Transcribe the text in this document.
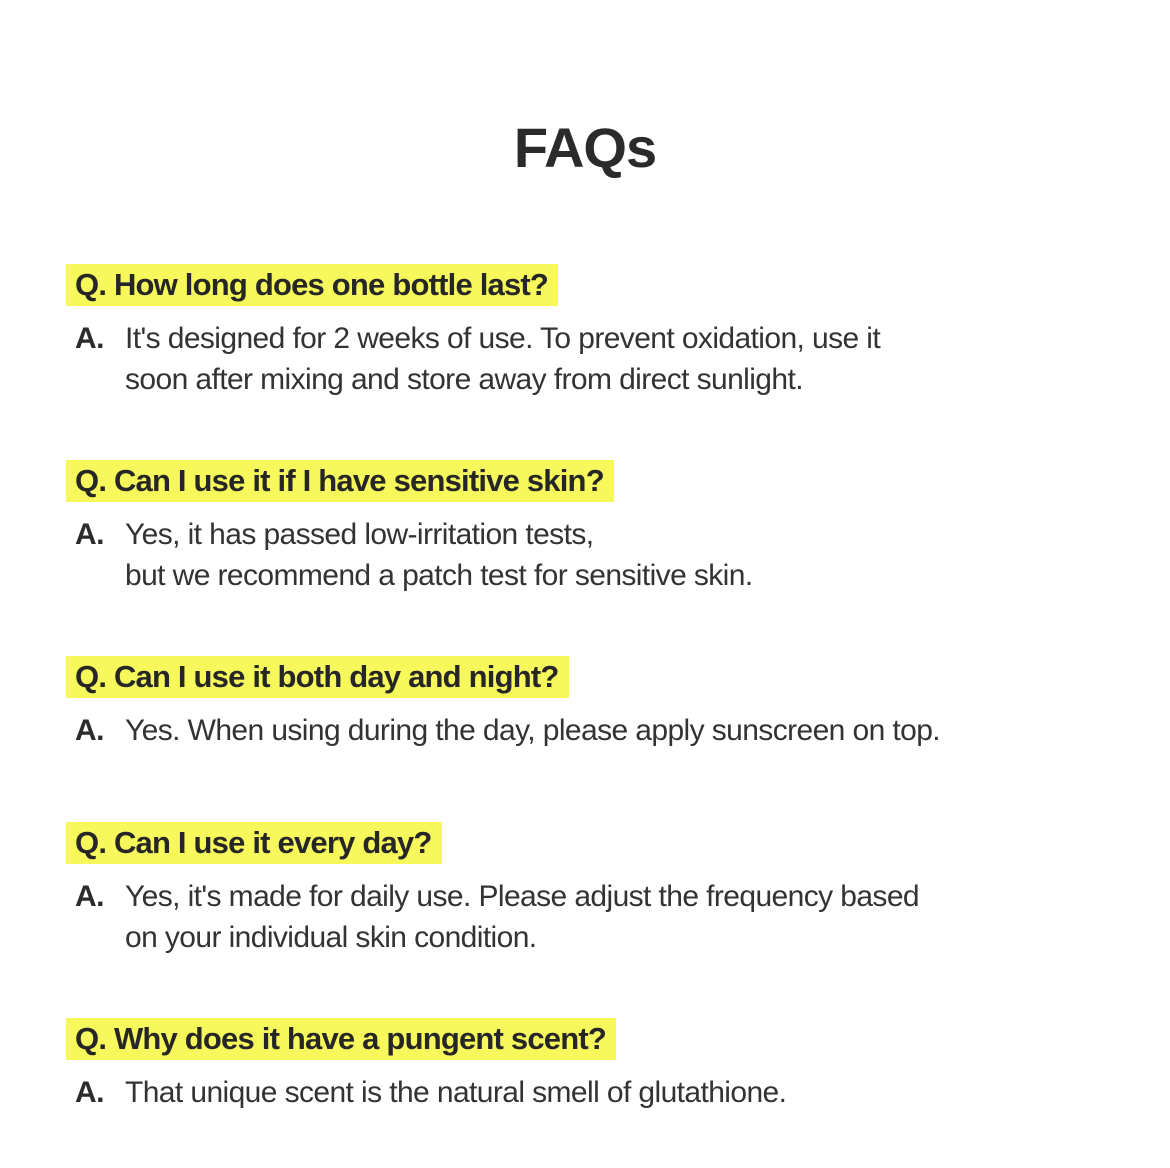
FAQs
Q. How long does one bottle last?
A. It's designed for 2 weeks of use. To prevent oxidation, use it
soon after mixing and store away from direct sunlight.
Q. Can I use it if I have sensitive skin?
A. Yes, it has passed low-irritation tests,
but we recommend a patch test for sensitive skin.
Q. Can I use it both day and night?
A. Yes. When using during the day, please apply sunscreen on top.
Q. Can I use it every day?
A. Yes, it's made for daily use. Please adjust the frequency based
on your individual skin condition.
Q. Why does it have a pungent scent?
A. That unique scent is the natural smell of glutathione.
